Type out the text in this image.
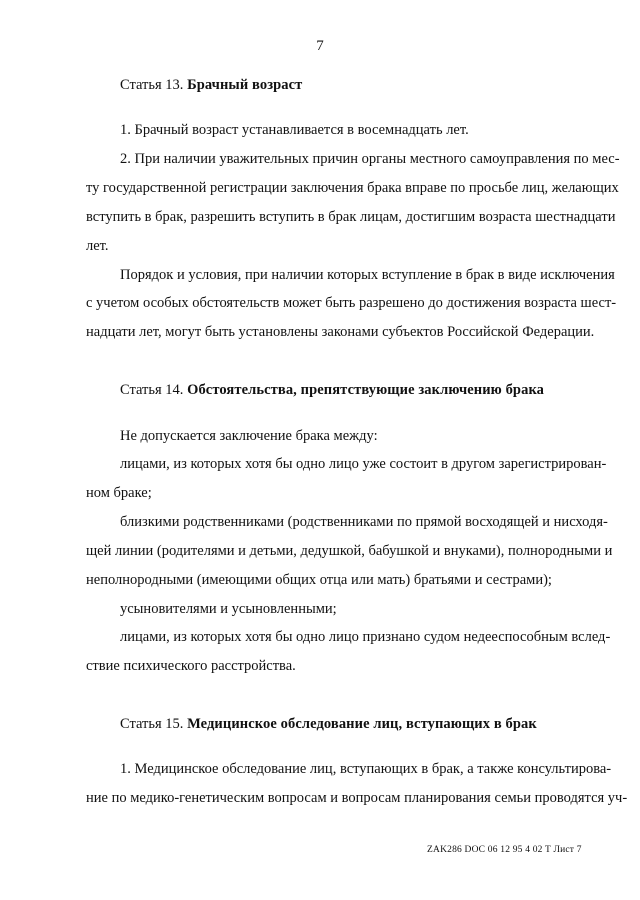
7
Статья 13. Брачный возраст
1. Брачный возраст устанавливается в восемнадцать лет.
2. При наличии уважительных причин органы местного самоуправления по мес-
ту государственной регистрации заключения брака вправе по просьбе лиц, желающих
вступить в брак, разрешить вступить в брак лицам, достигшим возраста шестнадцати
лет.
Порядок и условия, при наличии которых вступление в брак в виде исключения
с учетом особых обстоятельств может быть разрешено до достижения возраста шест-
надцати лет, могут быть установлены законами субъектов Российской Федерации.
Статья 14. Обстоятельства, препятствующие заключению брака
Не допускается заключение брака между:
лицами, из которых хотя бы одно лицо уже состоит в другом зарегистрирован-
ном браке;
близкими родственниками (родственниками по прямой восходящей и нисходя-
щей линии (родителями и детьми, дедушкой, бабушкой и внуками), полнородными и
неполнородными (имеющими общих отца или мать) братьями и сестрами);
усыновителями и усыновленными;
лицами, из которых хотя бы одно лицо признано судом недееспособным вслед-
ствие психического расстройства.
Статья 15. Медицинское обследование лиц, вступающих в брак
1. Медицинское обследование лиц, вступающих в брак, а также консультирова-
ние по медико-генетическим вопросам и вопросам планирования семьи проводятся уч-
ZAK286 DOC 06 12 95 4 02 T Лист 7
